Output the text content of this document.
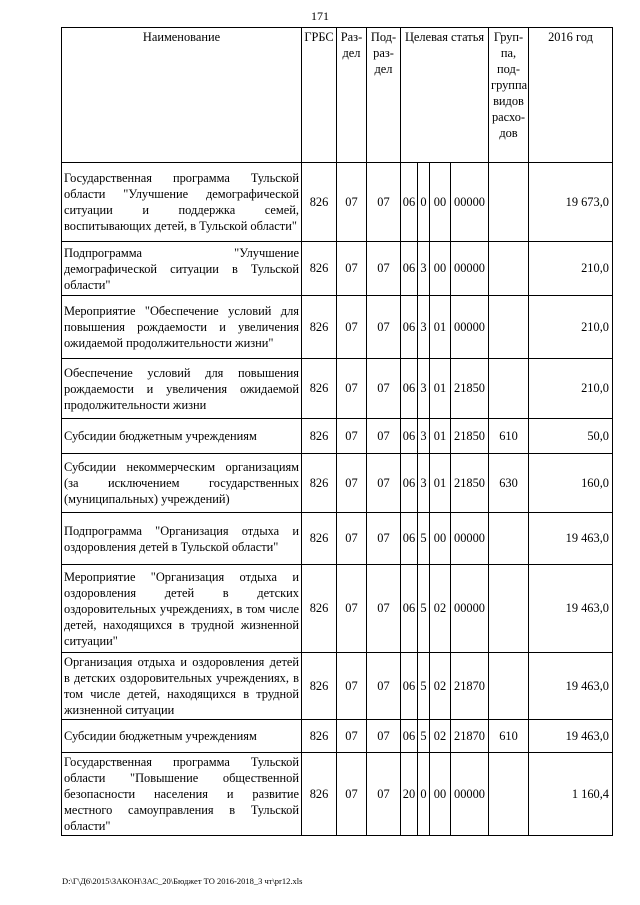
171
Наименование	ГРБС	Раз-дел	Под-раз-дел	Целевая статья				Груп-па, под-группа видов расхо-дов	2016 год
Государственная программа Тульской области "Улучшение демографической ситуации и поддержка семей, воспитывающих детей, в Тульской области"	826	07	07	06	0	00	00000		19 673,0
Подпрограмма "Улучшение демографической ситуации в Тульской области"	826	07	07	06	3	00	00000		210,0
Мероприятие "Обеспечение условий для повышения рождаемости и увеличения ожидаемой продолжительности жизни"	826	07	07	06	3	01	00000		210,0
Обеспечение условий для повышения рождаемости и увеличения ожидаемой продолжительности жизни	826	07	07	06	3	01	21850		210,0
Субсидии бюджетным учреждениям	826	07	07	06	3	01	21850	610	50,0
Субсидии некоммерческим организациям (за исключением государственных (муниципальных) учреждений)	826	07	07	06	3	01	21850	630	160,0
Подпрограмма "Организация отдыха и оздоровления детей в Тульской области"	826	07	07	06	5	00	00000		19 463,0
Мероприятие "Организация отдыха и оздоровления детей в детских оздоровительных учреждениях, в том числе детей, находящихся в трудной жизненной ситуации"	826	07	07	06	5	02	00000		19 463,0
Организация отдыха и оздоровления детей в детских оздоровительных учреждениях, в том числе детей, находящихся в трудной жизненной ситуации	826	07	07	06	5	02	21870		19 463,0
Субсидии бюджетным учреждениям	826	07	07	06	5	02	21870	610	19 463,0
Государственная программа Тульской области "Повышение общественной безопасности населения и развитие местного самоуправления в Тульской области"	826	07	07	20	0	00	00000		1 160,4
D:\Г\Д6\2015\ЗАКОН\ЗАС_20\Бюджет ТО 2016-2018_3 чт\pr12.xls
